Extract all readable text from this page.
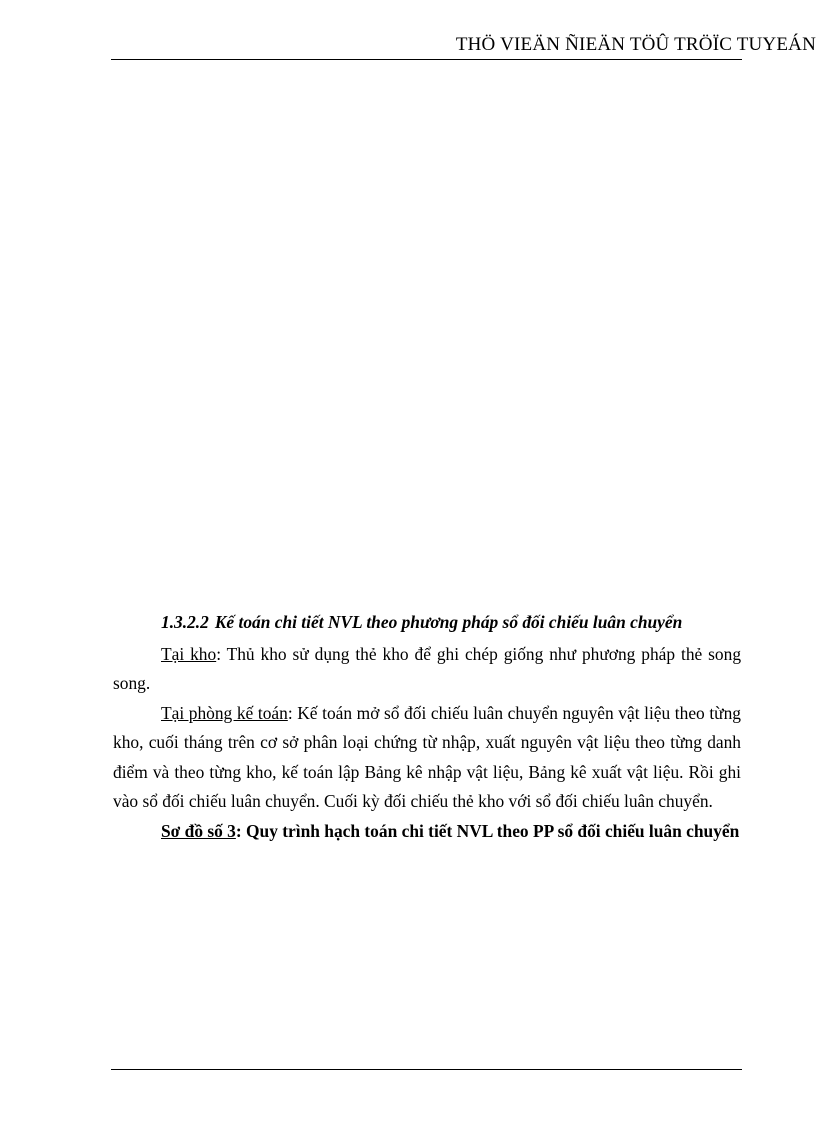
THÖ VIEÄN ÑIEÄN TÖÛ TRÖÏC TUYEÁN

1.3.2.2 Kế toán chi tiết NVL theo phương pháp sổ đối chiếu luân chuyển

Tại kho: Thủ kho sử dụng thẻ kho để ghi chép giống như phương pháp thẻ song song.

Tại phòng kế toán: Kế toán mở sổ đối chiếu luân chuyển nguyên vật liệu theo từng kho, cuối tháng trên cơ sở phân loại chứng từ nhập, xuất nguyên vật liệu theo từng danh điểm và theo từng kho, kế toán lập Bảng kê nhập vật liệu, Bảng kê xuất vật liệu. Rồi ghi vào sổ đối chiếu luân chuyển. Cuối kỳ đối chiếu thẻ kho với sổ đối chiếu luân chuyển.

Sơ đồ số 3: Quy trình hạch toán chi tiết NVL theo PP sổ đối chiếu luân chuyển
